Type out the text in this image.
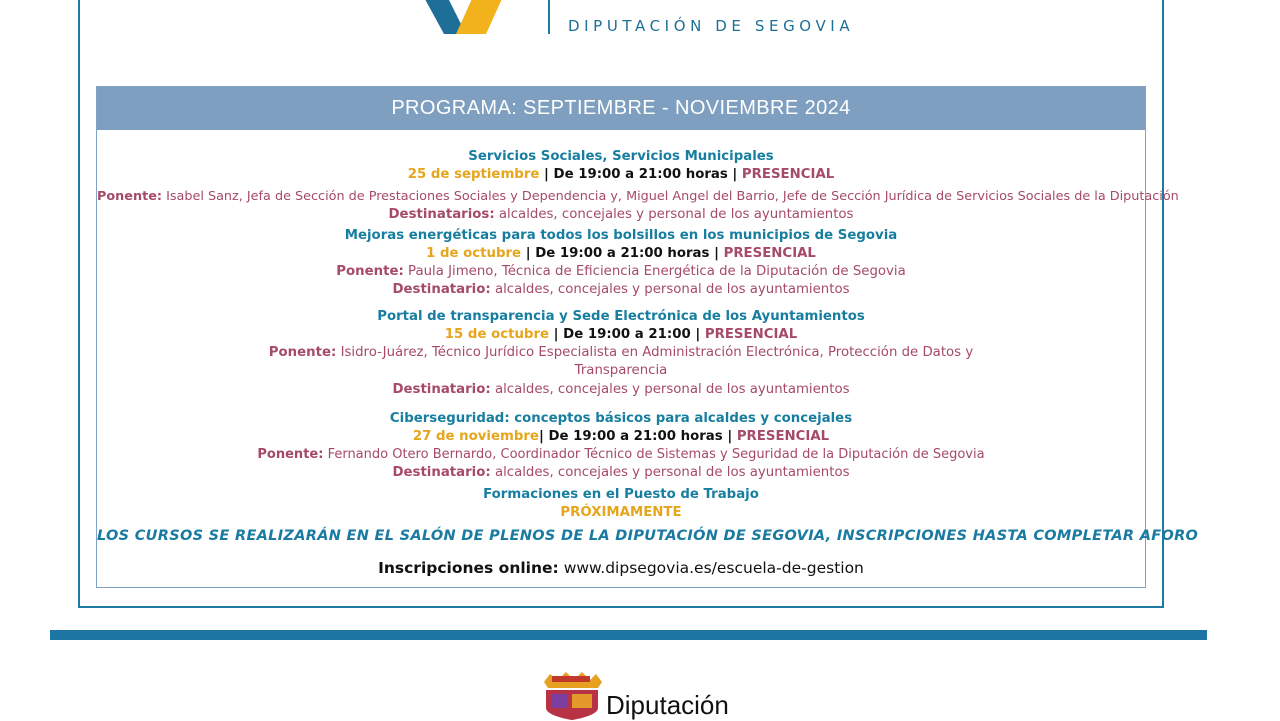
DIPUTACIÓN DE SEGOVIA
PROGRAMA: SEPTIEMBRE - NOVIEMBRE 2024
Servicios Sociales, Servicios Municipales
25 de septiembre | De 19:00 a 21:00 horas | PRESENCIAL
Ponente: Isabel Sanz, Jefa de Sección de Prestaciones Sociales y Dependencia y, Miguel Angel del Barrio, Jefe de Sección Jurídica de Servicios Sociales de la Diputación
Destinatarios: alcaldes, concejales y personal de los ayuntamientos
Mejoras energéticas para todos los bolsillos en los municipios de Segovia
1 de octubre | De 19:00 a 21:00 horas | PRESENCIAL
Ponente: Paula Jimeno, Técnica de Eficiencia Energética de la Diputación de Segovia
Destinatario: alcaldes, concejales y personal de los ayuntamientos
Portal de transparencia y Sede Electrónica de los Ayuntamientos
15 de octubre | De 19:00 a 21:00 | PRESENCIAL
Ponente: Isidro-Juárez, Técnico Jurídico Especialista en Administración Electrónica, Protección de Datos y
Transparencia
Destinatario: alcaldes, concejales y personal de los ayuntamientos
Ciberseguridad: conceptos básicos para alcaldes y concejales
27 de noviembre| De 19:00 a 21:00 horas | PRESENCIAL
Ponente: Fernando Otero Bernardo, Coordinador Técnico de Sistemas y Seguridad de la Diputación de Segovia
Destinatario: alcaldes, concejales y personal de los ayuntamientos
Formaciones en el Puesto de Trabajo
PRÓXIMAMENTE
LOS CURSOS SE REALIZARÁN EN EL SALÓN DE PLENOS DE LA DIPUTACIÓN DE SEGOVIA, INSCRIPCIONES HASTA COMPLETAR AFORO
Inscripciones online: www.dipsegovia.es/escuela-de-gestion
Diputación
